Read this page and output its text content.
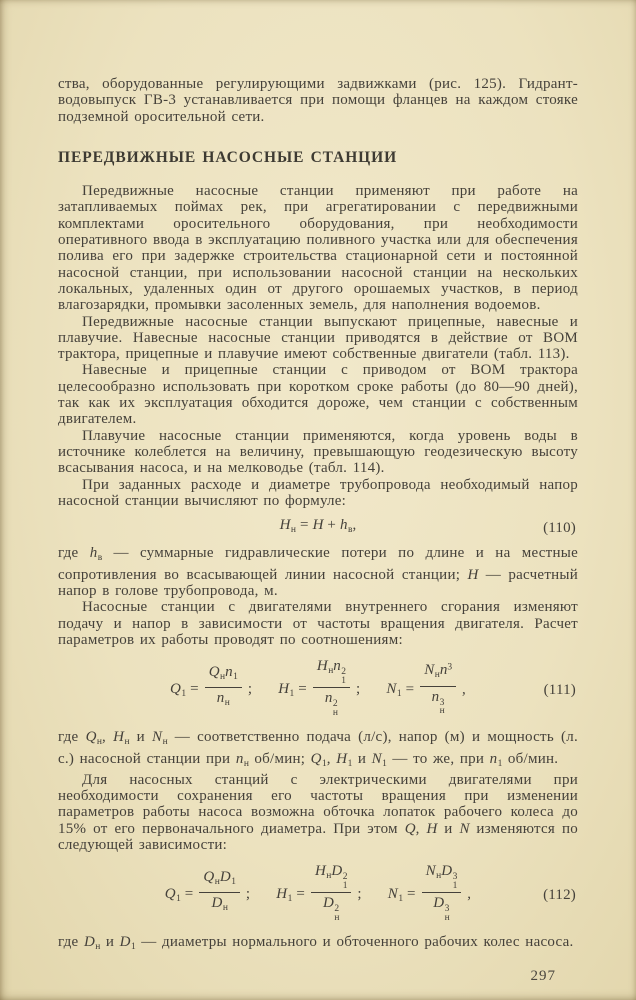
ства, оборудованные регулирующими задвижками (рис. 125). Гидрант-водовыпуск ГВ-3 устанавливается при помощи фланцев на каждом стояке подземной оросительной сети.

ПЕРЕДВИЖНЫЕ НАСОСНЫЕ СТАНЦИИ

Передвижные насосные станции применяют при работе на затапливаемых поймах рек, при агрегатировании с передвижными комплектами оросительного оборудования, при необходимости оперативного ввода в эксплуатацию поливного участка или для обеспечения полива его при задержке строительства стационарной сети и постоянной насосной станции, при использовании насосной станции на нескольких локальных, удаленных один от другого орошаемых участков, в период влагозарядки, промывки засоленных земель, для наполнения водоемов.

Передвижные насосные станции выпускают прицепные, навесные и плавучие. Навесные насосные станции приводятся в действие от ВОМ трактора, прицепные и плавучие имеют собственные двигатели (табл. 113).

Навесные и прицепные станции с приводом от ВОМ трактора целесообразно использовать при коротком сроке работы (до 80—90 дней), так как их эксплуатация обходится дороже, чем станции с собственным двигателем.

Плавучие насосные станции применяются, когда уровень воды в источнике колеблется на величину, превышающую геодезическую высоту всасывания насоса, и на мелководье (табл. 114).

При заданных расходе и диаметре трубопровода необходимый напор насосной станции вычисляют по формуле:

$H_н = H + h_в$,	(110)

где $h_в$ — суммарные гидравлические потери по длине и на местные сопротивления во всасывающей линии насосной станции; H — расчетный напор в голове трубопровода, м.

Насосные станции с двигателями внутреннего сгорания изменяют подачу и напор в зависимости от частоты вращения двигателя. Расчет параметров их работы проводят по соотношениям:

$Q_1 = \frac{Q_нn_1}{n_н}$ ; $H_1 = H_нn$ 2
1
n 2
н ; $N_1 = N_нn^3$
n 3
н ,	(111)

где $Q_н$, $H_н$ и $N_н$ — соответственно подача (л/с), напор (м) и мощность (л. с.) насосной станции при $n_н$ об/мин; $Q_1$, $H_1$ и $N_1$ — то же, при $n_1$ об/мин.

Для насосных станций с электрическими двигателями при необходимости сохранения его частоты вращения при изменении параметров работы насоса возможна обточка лопаток рабочего колеса до 15% от его первоначального диаметра. При этом Q, H и N изменяются по следующей зависимости:

$Q_1 = \frac{Q_нD_1}{D_н}$ ; $H_1 = H_нD$ 2
1
D 2
н ; $N_1 = N_нD$ 3
1
D 3
н ,	(112)

где $D_н$ и $D_1$ — диаметры нормального и обточенного рабочих колес насоса.

297
